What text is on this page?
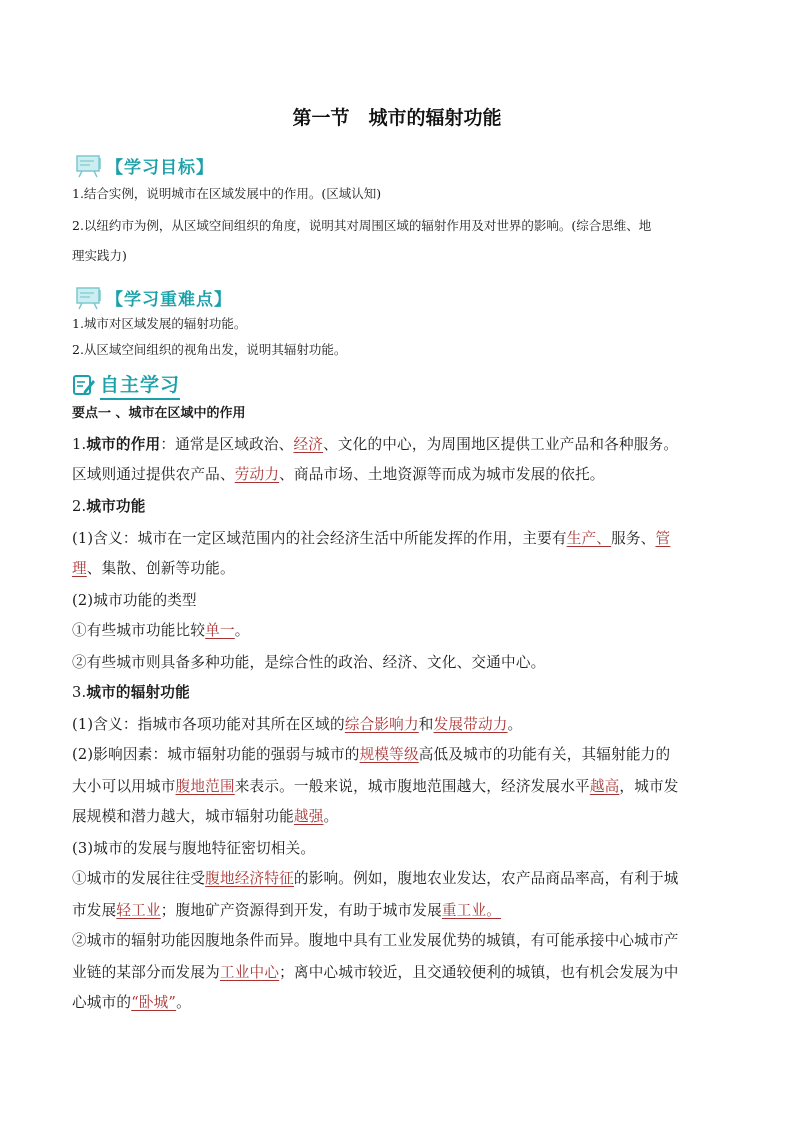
第一节　城市的辐射功能
【学习目标】
1.结合实例，说明城市在区域发展中的作用。(区域认知)
2.以纽约市为例，从区域空间组织的角度，说明其对周围区域的辐射作用及对世界的影响。(综合思维、地
理实践力)
【学习重难点】
1.城市对区域发展的辐射功能。
2.从区域空间组织的视角出发，说明其辐射功能。
自主学习
要点一 、城市在区域中的作用
1.城市的作用：通常是区域政治、经济、文化的中心，为周围地区提供工业产品和各种服务。
区域则通过提供农产品、劳动力、商品市场、土地资源等而成为城市发展的依托。
2.城市功能
(1)含义：城市在一定区域范围内的社会经济生活中所能发挥的作用，主要有生产、服务、管
理、集散、创新等功能。
(2)城市功能的类型
①有些城市功能比较单一。
②有些城市则具备多种功能，是综合性的政治、经济、文化、交通中心。
3.城市的辐射功能
(1)含义：指城市各项功能对其所在区域的综合影响力和发展带动力。
(2)影响因素：城市辐射功能的强弱与城市的规模等级高低及城市的功能有关，其辐射能力的
大小可以用城市腹地范围来表示。一般来说，城市腹地范围越大，经济发展水平越高，城市发
展规模和潜力越大，城市辐射功能越强。
(3)城市的发展与腹地特征密切相关。
①城市的发展往往受腹地经济特征的影响。例如，腹地农业发达，农产品商品率高，有利于城
市发展轻工业；腹地矿产资源得到开发，有助于城市发展重工业。
②城市的辐射功能因腹地条件而异。腹地中具有工业发展优势的城镇，有可能承接中心城市产
业链的某部分而发展为工业中心；离中心城市较近，且交通较便利的城镇，也有机会发展为中
心城市的“卧城”。
